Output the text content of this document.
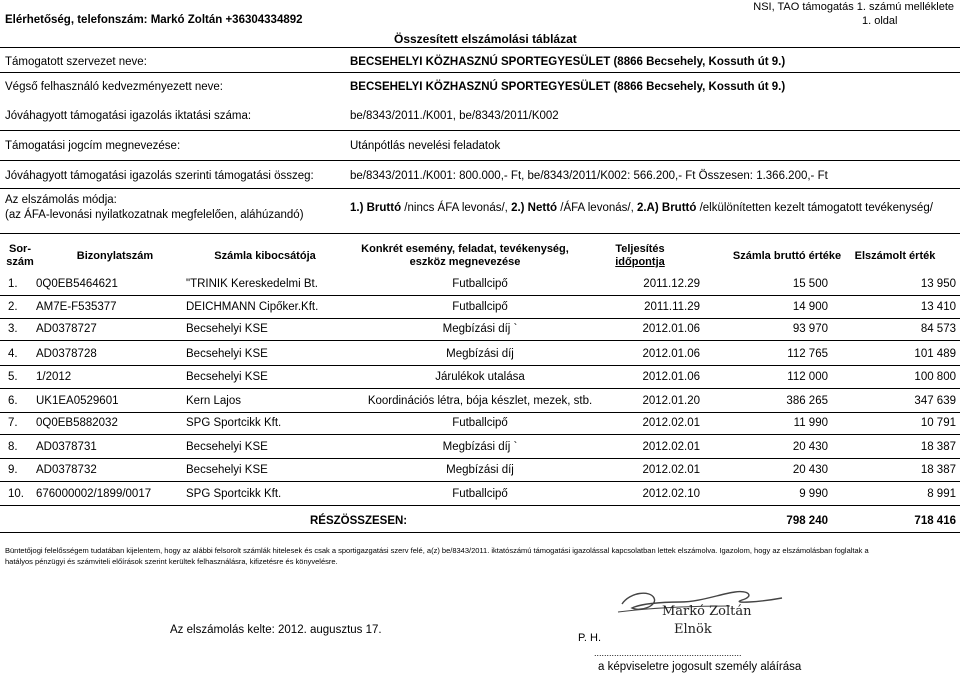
Elérhetőség, telefonszám: Markó Zoltán +36304334892
NSI, TAO támogatás 1. számú melléklete
1. oldal
Összesített elszámolási táblázat
Támogatott szervezet neve:	BECSEHELYI KÖZHASZNÚ SPORTEGYESÜLET (8866 Becsehely, Kossuth út 9.)
Végső felhasználó kedvezményezett neve:	BECSEHELYI KÖZHASZNÚ SPORTEGYESÜLET (8866 Becsehely, Kossuth út 9.)
Jóváhagyott támogatási igazolás iktatási száma:	be/8343/2011./K001, be/8343/2011/K002
Támogatási jogcím megnevezése:	Utánpótlás nevelési feladatok
Jóváhagyott támogatási igazolás szerinti támogatási összeg:	be/8343/2011./K001: 800.000,- Ft, be/8343/2011/K002: 566.200,- Ft Összesen: 1.366.200,- Ft
Az elszámolás módja:
(az ÁFA-levonási nyilatkozatnak megfelelően, aláhúzandó)
1.) Bruttó /nincs ÁFA levonás/, 2.) Nettó /ÁFA levonás/, 2.A) Bruttó /elkülönítetten kezelt támogatott tevékenység/
Sor-
szám	Bizonylatszám	Számla kibocsátója
Konkrét esemény, feladat, tevékenység,
eszköz megnevezése
Teljesítés
időpontja	Számla bruttó értéke	Elszámolt érték
1.	0Q0EB5464621	"TRINIK Kereskedelmi Bt.	Futballcipő	2011.12.29	15 500	13 950
2.	AM7E-F535377	DEICHMANN Cipőker.Kft.	Futballcipő	2011.11.29	14 900	13 410
3.	AD0378727	Becsehelyi KSE	Megbízási díj `	2012.01.06	93 970	84 573
4.	AD0378728	Becsehelyi KSE	Megbízási díj	2012.01.06	112 765	101 489
5.	1/2012	Becsehelyi KSE	Járulékok utalása	2012.01.06	112 000	100 800
6.	UK1EA0529601	Kern Lajos	Koordinációs létra, bója készlet, mezek, stb.	2012.01.20	386 265	347 639
7.	0Q0EB5882032	SPG Sportcikk Kft.	Futballcipő	2012.02.01	11 990	10 791
8.	AD0378731	Becsehelyi KSE	Megbízási díj `	2012.02.01	20 430	18 387
9.	AD0378732	Becsehelyi KSE	Megbízási díj	2012.02.01	20 430	18 387
10.	676000002/1899/0017	SPG Sportcikk Kft.	Futballcipő	2012.02.10	9 990	8 991
RÉSZÖSSZESEN:	798 240	718 416
Büntetőjogi felelősségem tudatában kijelentem, hogy az alábbi felsorolt számlák hitelesek és csak a sportigazgatási szerv felé, a(z) be/8343/2011. iktatószámú támogatási igazolással kapcsolatban lettek elszámolva. Igazolom, hogy az elszámolásban foglaltak a
hatályos pénzügyi és számviteli előírások szerint kerültek felhasználásra, kifizetésre és könyvelésre.
Az elszámolás kelte: 2012. augusztus 17.
P. H.
...........................................................
a képviseletre jogosult személy aláírása
Markó Zoltán
Elnök
